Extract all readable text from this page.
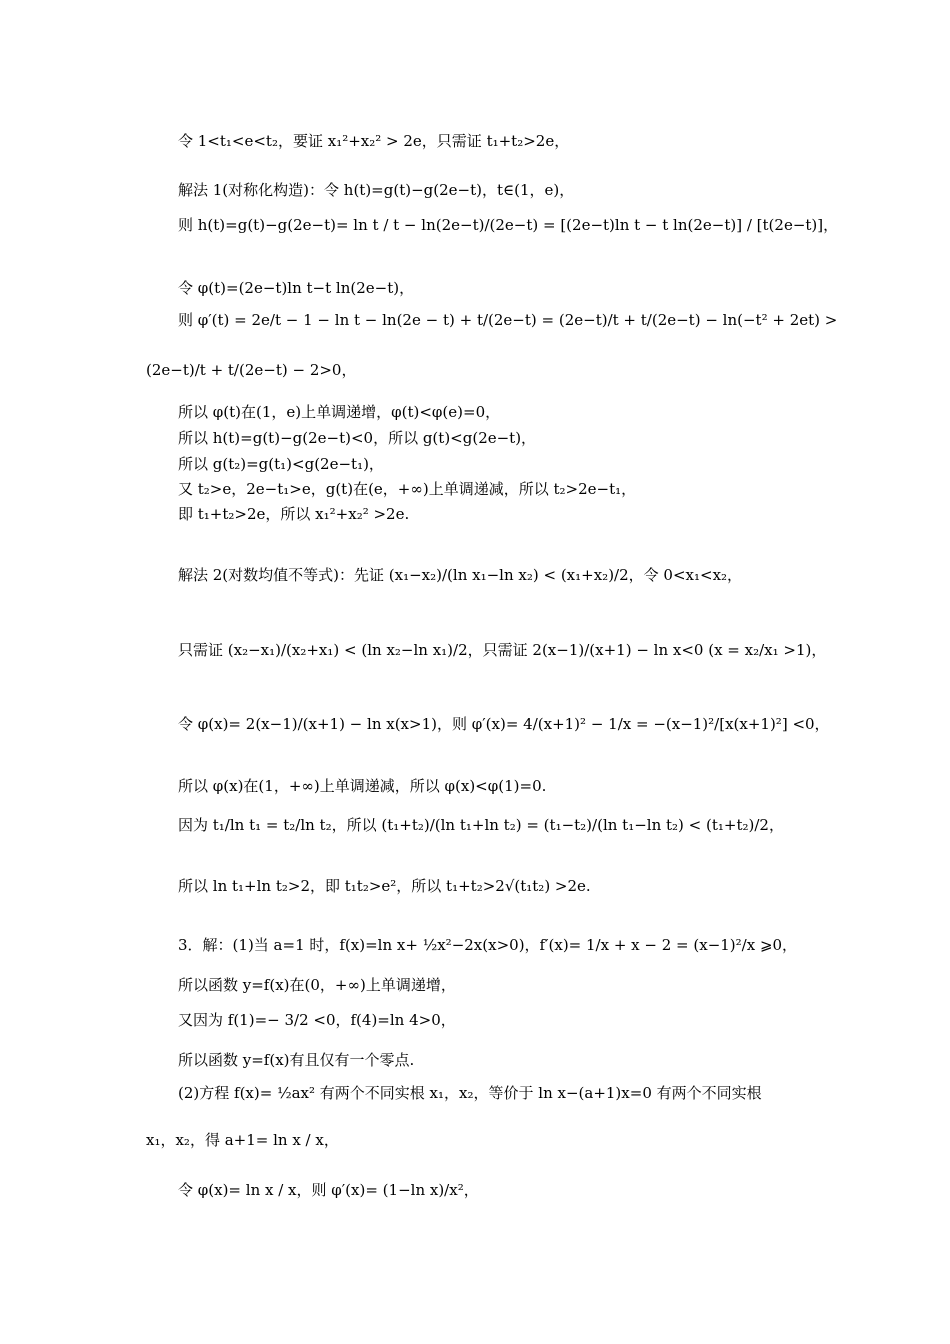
令 1<t₁<e<t₂，要证 x₁²+x₂² > 2e，只需证 t₁+t₂>2e，
解法 1(对称化构造)：令 h(t)=g(t)−g(2e−t)，t∈(1，e)，
则 h(t)=g(t)−g(2e−t)= ln t / t − ln(2e−t)/(2e−t) = [(2e−t)ln t − t ln(2e−t)] / [t(2e−t)]，
令 φ(t)=(2e−t)ln t−t ln(2e−t)，
则 φ′(t) = 2e/t − 1 − ln t − ln(2e − t) + t/(2e−t) = (2e−t)/t + t/(2e−t) − ln(−t² + 2et) >
(2e−t)/t + t/(2e−t) − 2>0，
所以 φ(t)在(1，e)上单调递增，φ(t)<φ(e)=0，
所以 h(t)=g(t)−g(2e−t)<0，所以 g(t)<g(2e−t)，
所以 g(t₂)=g(t₁)<g(2e−t₁)，
又 t₂>e，2e−t₁>e，g(t)在(e，+∞)上单调递减，所以 t₂>2e−t₁，
即 t₁+t₂>2e，所以 x₁²+x₂² >2e.
解法 2(对数均值不等式)：先证 (x₁−x₂)/(ln x₁−ln x₂) < (x₁+x₂)/2，令 0<x₁<x₂，
只需证 (x₂−x₁)/(x₂+x₁) < (ln x₂−ln x₁)/2，只需证 2(x−1)/(x+1) − ln x<0 (x = x₂/x₁ >1)，
令 φ(x)= 2(x−1)/(x+1) − ln x(x>1)，则 φ′(x)= 4/(x+1)² − 1/x = −(x−1)²/[x(x+1)²] <0，
所以 φ(x)在(1，+∞)上单调递减，所以 φ(x)<φ(1)=0.
因为 t₁/ln t₁ = t₂/ln t₂，所以 (t₁+t₂)/(ln t₁+ln t₂) = (t₁−t₂)/(ln t₁−ln t₂) < (t₁+t₂)/2，
所以 ln t₁+ln t₂>2，即 t₁t₂>e²，所以 t₁+t₂>2√(t₁t₂) >2e.
3．解：(1)当 a=1 时，f(x)=ln x+ ½x²−2x(x>0)，f′(x)= 1/x + x − 2 = (x−1)²/x ⩾0，
所以函数 y=f(x)在(0，+∞)上单调递增，
又因为 f(1)=− 3/2 <0，f(4)=ln 4>0，
所以函数 y=f(x)有且仅有一个零点.
(2)方程 f(x)= ½ax² 有两个不同实根 x₁，x₂，等价于 ln x−(a+1)x=0 有两个不同实根
x₁，x₂，得 a+1= ln x / x，
令 φ(x)= ln x / x，则 φ′(x)= (1−ln x)/x²，
